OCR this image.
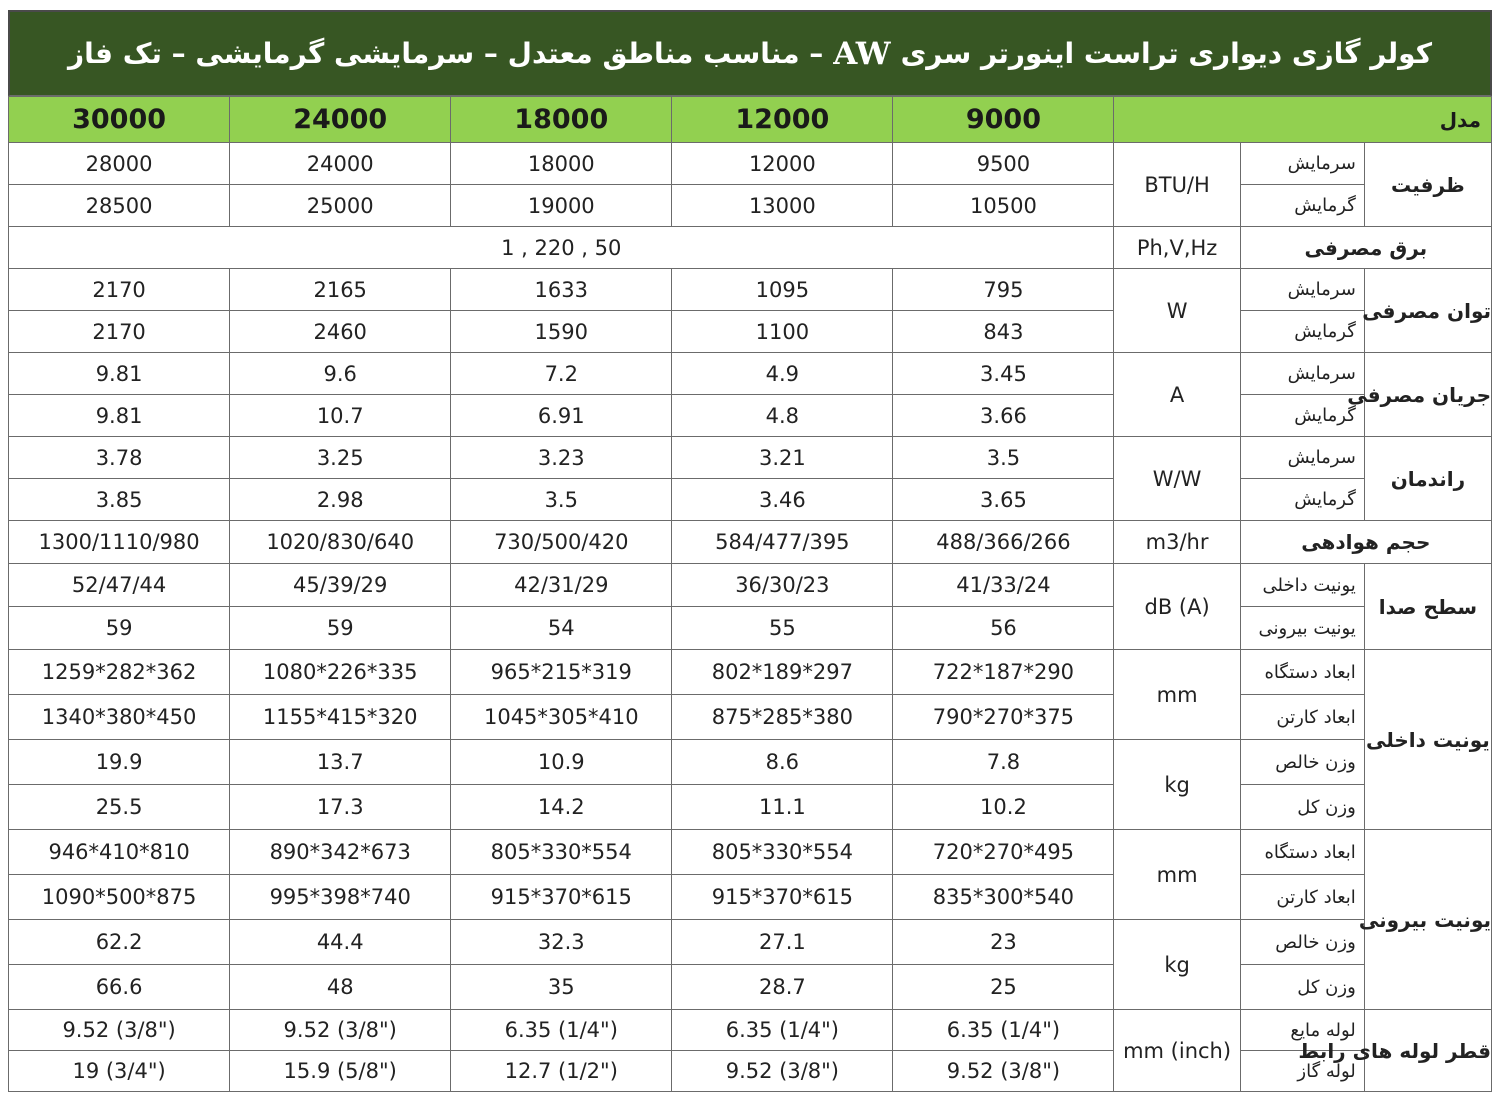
کولر گازی دیواری تراست اینورتر سری
AW
– مناسب مناطق معتدل – سرمایشی گرمایشی – تک فاز
مدل			9000	12000	18000	24000	30000
ظرفیت	سرمایش	BTU/H	9500	12000	18000	24000	28000
	گرمایش		10500	13000	19000	25000	28500
برق مصرفی		Ph,V,Hz	1 , 220 , 50				
توان مصرفی	سرمایش	W	795	1095	1633	2165	2170
	گرمایش		843	1100	1590	2460	2170
جریان مصرفی	سرمایش	A	3.45	4.9	7.2	9.6	9.81
	گرمایش		3.66	4.8	6.91	10.7	9.81
راندمان	سرمایش	W/W	3.5	3.21	3.23	3.25	3.78
	گرمایش		3.65	3.46	3.5	2.98	3.85
حجم هوادهی		m3/hr	488/366/266	584/477/395	730/500/420	1020/830/640	1300/1110/980
سطح صدا	یونیت داخلی	dB (A)	41/33/24	36/30/23	42/31/29	45/39/29	52/47/44
	یونیت بیرونی		56	55	54	59	59
یونیت داخلی	ابعاد دستگاه	mm	722*187*290	802*189*297	965*215*319	1080*226*335	1259*282*362
	ابعاد کارتن		790*270*375	875*285*380	1045*305*410	1155*415*320	1340*380*450
	وزن خالص	kg	7.8	8.6	10.9	13.7	19.9
	وزن کل		10.2	11.1	14.2	17.3	25.5
یونیت بیرونی	ابعاد دستگاه	mm	720*270*495	805*330*554	805*330*554	890*342*673	946*410*810
	ابعاد کارتن		835*300*540	915*370*615	915*370*615	995*398*740	1090*500*875
	وزن خالص	kg	23	27.1	32.3	44.4	62.2
	وزن کل		25	28.7	35	48	66.6
قطر لوله های رابط	لوله مایع	mm (inch)	6.35 (1/4")	6.35 (1/4")	6.35 (1/4")	9.52 (3/8")	9.52 (3/8")
	لوله گاز		9.52 (3/8")	9.52 (3/8")	12.7 (1/2")	15.9 (5/8")	19 (3/4")
